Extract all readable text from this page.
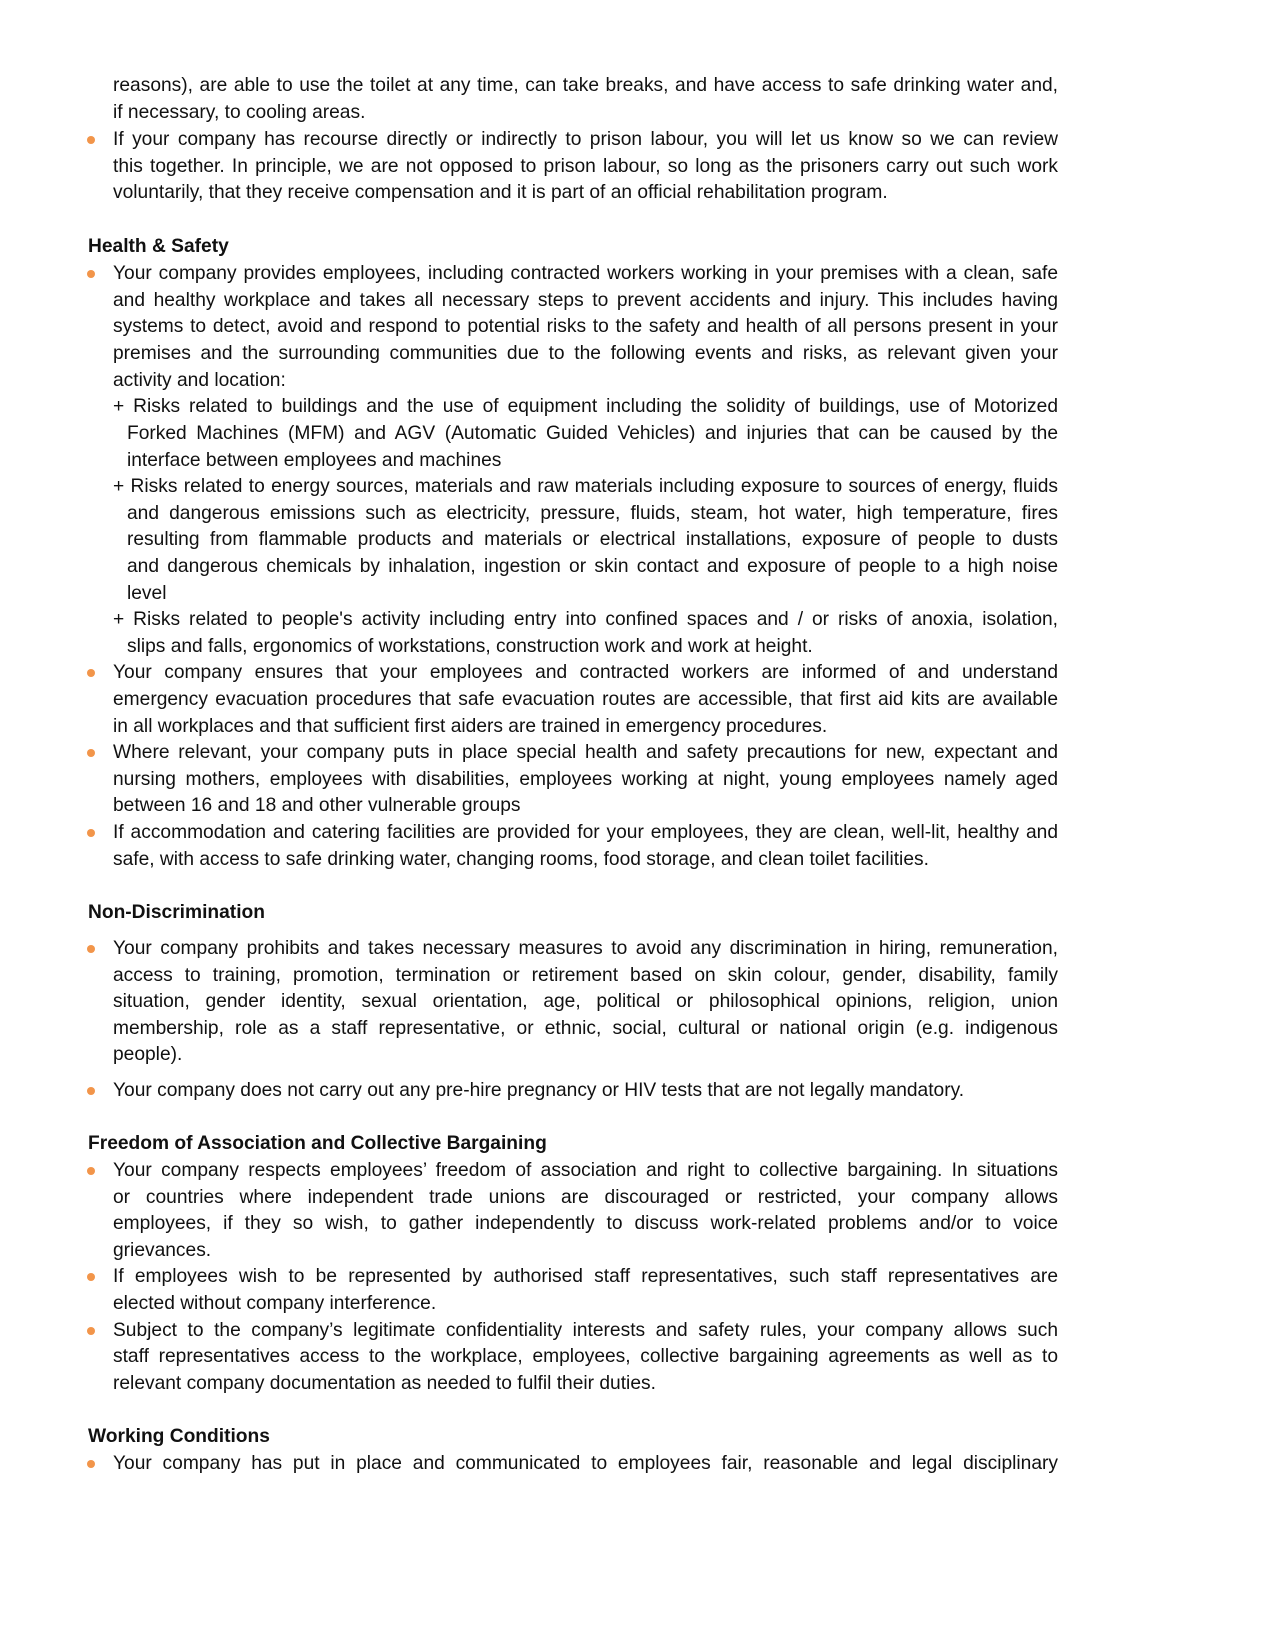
reasons), are able to use the toilet at any time, can take breaks, and have access to safe drinking water and,
if necessary, to cooling areas.
If your company has recourse directly or indirectly to prison labour, you will let us know so we can review
this together. In principle, we are not opposed to prison labour, so long as the prisoners carry out such work
voluntarily, that they receive compensation and it is part of an official rehabilitation program.
Health & Safety
Your company provides employees, including contracted workers working in your premises with a clean, safe
and healthy workplace and takes all necessary steps to prevent accidents and injury. This includes having
systems to detect, avoid and respond to potential risks to the safety and health of all persons present in your
premises and the surrounding communities due to the following events and risks, as relevant given your
activity and location:
+ Risks related to buildings and the use of equipment including the solidity of buildings, use of Motorized
Forked Machines (MFM) and AGV (Automatic Guided Vehicles) and injuries that can be caused by the
interface between employees and machines
+ Risks related to energy sources, materials and raw materials including exposure to sources of energy, fluids
and dangerous emissions such as electricity, pressure, fluids, steam, hot water, high temperature, fires
resulting from flammable products and materials or electrical installations, exposure of people to dusts
and dangerous chemicals by inhalation, ingestion or skin contact and exposure of people to a high noise
level
+ Risks related to people's activity including entry into confined spaces and / or risks of anoxia, isolation,
slips and falls, ergonomics of workstations, construction work and work at height.
Your company ensures that your employees and contracted workers are informed of and understand
emergency evacuation procedures that safe evacuation routes are accessible, that first aid kits are available
in all workplaces and that sufficient first aiders are trained in emergency procedures.
Where relevant, your company puts in place special health and safety precautions for new, expectant and
nursing mothers, employees with disabilities, employees working at night, young employees namely aged
between 16 and 18 and other vulnerable groups
If accommodation and catering facilities are provided for your employees, they are clean, well-lit, healthy and
safe, with access to safe drinking water, changing rooms, food storage, and clean toilet facilities.
Non-Discrimination
Your company prohibits and takes necessary measures to avoid any discrimination in hiring, remuneration,
access to training, promotion, termination or retirement based on skin colour, gender, disability, family
situation, gender identity, sexual orientation, age, political or philosophical opinions, religion, union
membership, role as a staff representative, or ethnic, social, cultural or national origin (e.g. indigenous
people).
Your company does not carry out any pre-hire pregnancy or HIV tests that are not legally mandatory.
Freedom of Association and Collective Bargaining
Your company respects employees’ freedom of association and right to collective bargaining. In situations
or countries where independent trade unions are discouraged or restricted, your company allows
employees, if they so wish, to gather independently to discuss work-related problems and/or to voice
grievances.
If employees wish to be represented by authorised staff representatives, such staff representatives are
elected without company interference.
Subject to the company’s legitimate confidentiality interests and safety rules, your company allows such
staff representatives access to the workplace, employees, collective bargaining agreements as well as to
relevant company documentation as needed to fulfil their duties.
Working Conditions
Your company has put in place and communicated to employees fair, reasonable and legal disciplinary
